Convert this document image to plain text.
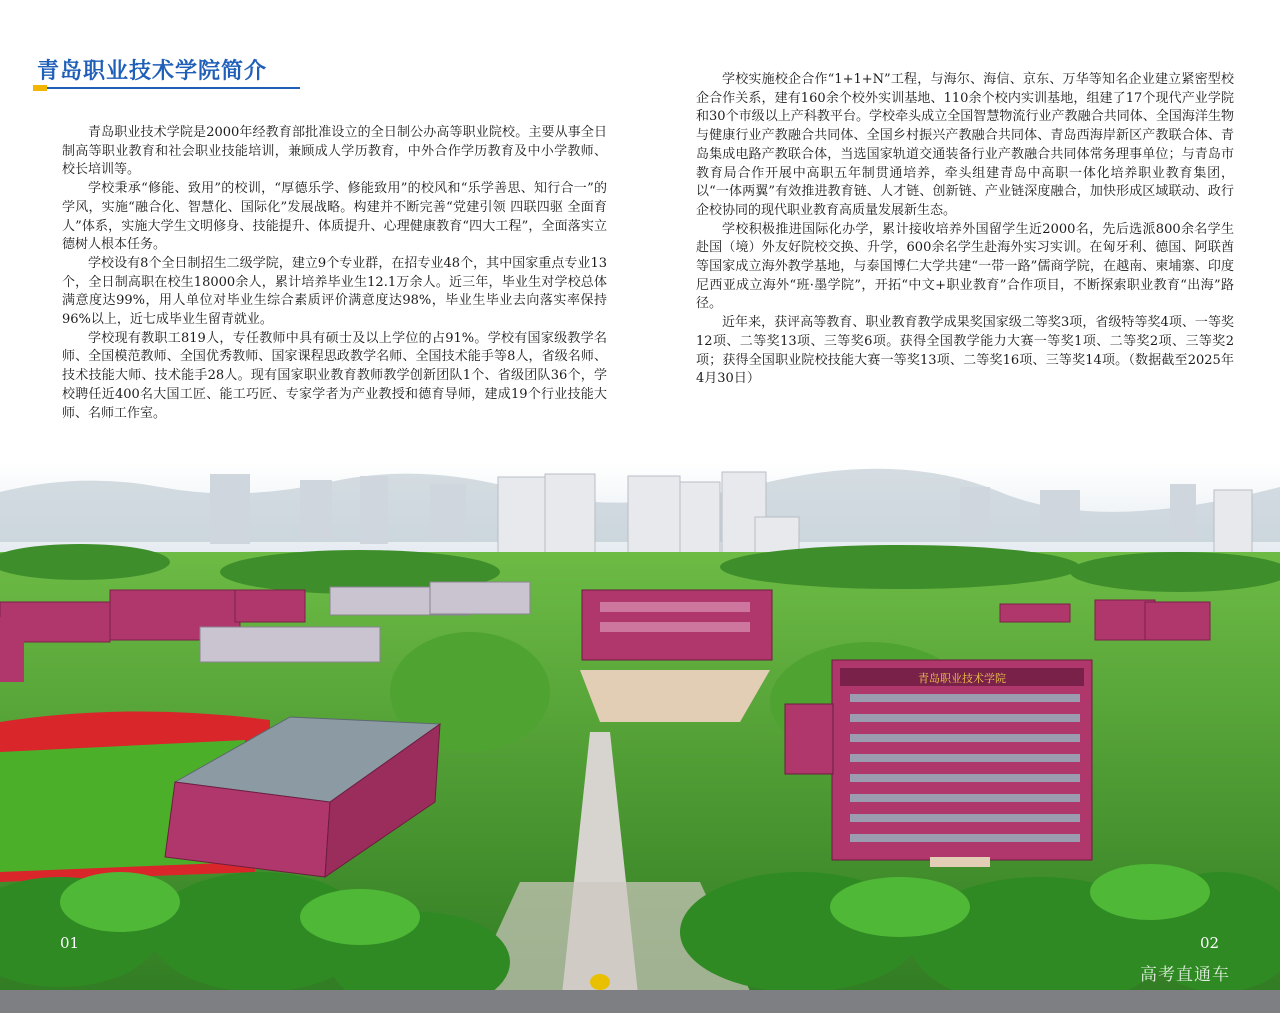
青岛职业技术学院简介

青岛职业技术学院是2000年经教育部批准设立的全日制公办高等职业院校。主要从事全日制高等职业教育和社会职业技能培训，兼顾成人学历教育，中外合作学历教育及中小学教师、校长培训等。

学校秉承“修能、致用”的校训，“厚德乐学、修能致用”的校风和“乐学善思、知行合一”的学风，实施“融合化、智慧化、国际化”发展战略。构建并不断完善“党建引领 四联四驱 全面育人”体系，实施大学生文明修身、技能提升、体质提升、心理健康教育“四大工程”，全面落实立德树人根本任务。

学校设有8个全日制招生二级学院，建立9个专业群，在招专业48个，其中国家重点专业13个，全日制高职在校生18000余人，累计培养毕业生12.1万余人。近三年，毕业生对学校总体满意度达99%，用人单位对毕业生综合素质评价满意度达98%，毕业生毕业去向落实率保持96%以上，近七成毕业生留青就业。

学校现有教职工819人，专任教师中具有硕士及以上学位的占91%。学校有国家级教学名师、全国模范教师、全国优秀教师、国家课程思政教学名师、全国技术能手等8人，省级名师、技术技能大师、技术能手28人。现有国家职业教育教师教学创新团队1个、省级团队36个，学校聘任近400名大国工匠、能工巧匠、专家学者为产业教授和德育导师，建成19个行业技能大师、名师工作室。

学校实施校企合作“1+1+N”工程，与海尔、海信、京东、万华等知名企业建立紧密型校企合作关系，建有160余个校外实训基地、110余个校内实训基地，组建了17个现代产业学院和30个市级以上产科教平台。学校牵头成立全国智慧物流行业产教融合共同体、全国海洋生物与健康行业产教融合共同体、全国乡村振兴产教融合共同体、青岛西海岸新区产教联合体、青岛集成电路产教联合体，当选国家轨道交通装备行业产教融合共同体常务理事单位；与青岛市教育局合作开展中高职五年制贯通培养，牵头组建青岛中高职一体化培养职业教育集团，以“一体两翼”有效推进教育链、人才链、创新链、产业链深度融合，加快形成区域联动、政行企校协同的现代职业教育高质量发展新生态。

学校积极推进国际化办学，累计接收培养外国留学生近2000名，先后选派800余名学生赴国（境）外友好院校交换、升学，600余名学生赴海外实习实训。在匈牙利、德国、阿联酋等国家成立海外教学基地，与泰国博仁大学共建“一带一路”儒商学院，在越南、柬埔寨、印度尼西亚成立海外“班·墨学院”，开拓“中文+职业教育”合作项目，不断探索职业教育“出海”路径。

近年来，获评高等教育、职业教育教学成果奖国家级二等奖3项，省级特等奖4项、一等奖12项、二等奖13项、三等奖6项。获得全国教学能力大赛一等奖1项、二等奖2项、三等奖2项；获得全国职业院校技能大赛一等奖13项、二等奖16项、三等奖14项。（数据截至2025年4月30日）

青岛职业技术学院
01	02
高考直通车
